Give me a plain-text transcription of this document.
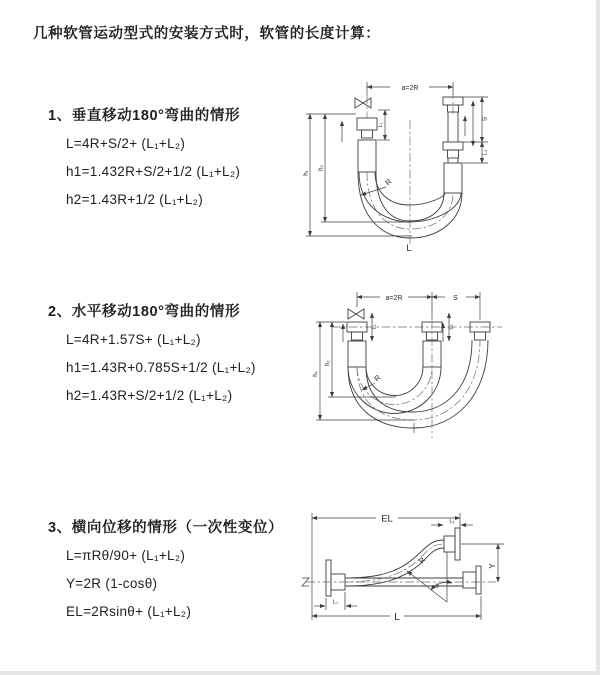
几种软管运动型式的安装方式时，软管的长度计算：
1、垂直移动180°弯曲的情形
L=4R+S/2+ (L₁+L₂)
h1=1.432R+S/2+1/2 (L₁+L₂)
h2=1.43R+1/2 (L₁+L₂)
2、水平移动180°弯曲的情形
L=4R+1.57S+ (L₁+L₂)
h1=1.43R+0.785S+1/2 (L₁+L₂)
h2=1.43R+S/2+1/2 (L₁+L₂)
3、横向位移的情形（一次性变位）
L=πRθ/90+ (L₁+L₂)
Y=2R (1-cosθ)
EL=2Rsinθ+ (L₁+L₂)
a=2R
h₁
h₂
L₁
S
L₂
R
L
a=2R	S
L₁	L₂
h₁
h₂
R
EL	L₂
Y
R
θ
L₁
L
